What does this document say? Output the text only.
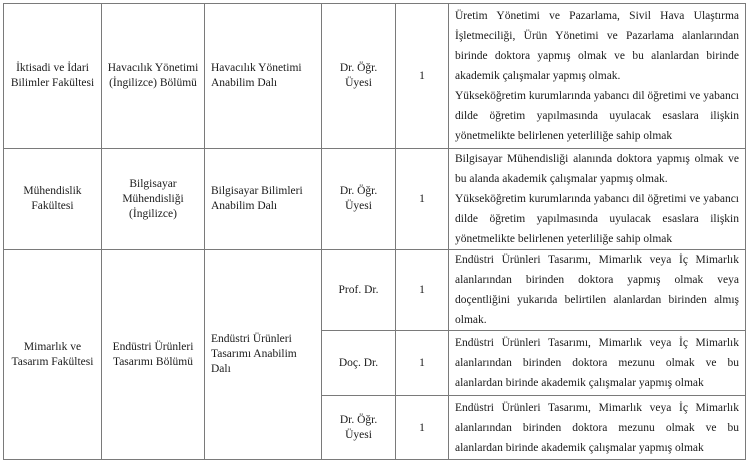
İktisadi ve İdari Bilimler Fakültesi	Havacılık Yönetimi (İngilizce) Bölümü	Havacılık Yönetimi Anabilim Dalı	Dr. Öğr. Üyesi	1	Üretim Yönetimi ve Pazarlama, Sivil Hava Ulaştırma İşletmeciliği, Ürün Yönetimi ve Pazarlama alanlarından birinde doktora yapmış olmak ve bu alanlardan birinde akademik çalışmalar yapmış olmak.

Yükseköğretim kurumlarında yabancı dil öğretimi ve yabancı dilde öğretim yapılmasında uyulacak esaslara ilişkin yönetmelikte belirlenen yeterliliğe sahip olmak

Mühendislik Fakültesi	Bilgisayar Mühendisliği (İngilizce)	Bilgisayar Bilimleri Anabilim Dalı	Dr. Öğr. Üyesi	1	Bilgisayar Mühendisliği alanında doktora yapmış olmak ve bu alanda akademik çalışmalar yapmış olmak.

Yükseköğretim kurumlarında yabancı dil öğretimi ve yabancı dilde öğretim yapılmasında uyulacak esaslara ilişkin yönetmelikte belirlenen yeterliliğe sahip olmak

Mimarlık ve Tasarım Fakültesi	Endüstri Ürünleri Tasarımı Bölümü	Endüstri Ürünleri Tasarımı Anabilim Dalı	Prof. Dr.	1	Endüstri Ürünleri Tasarımı, Mimarlık veya İç Mimarlık alanlarından birinden doktora yapmış olmak veya doçentliğini yukarıda belirtilen alanlardan birinden almış olmak.

			Doç. Dr.	1	Endüstri Ürünleri Tasarımı, Mimarlık veya İç Mimarlık alanlarından birinden doktora mezunu olmak ve bu alanlardan birinde akademik çalışmalar yapmış olmak

			Dr. Öğr. Üyesi	1	Endüstri Ürünleri Tasarımı, Mimarlık veya İç Mimarlık alanlarından birinden doktora mezunu olmak ve bu alanlardan birinde akademik çalışmalar yapmış olmak
